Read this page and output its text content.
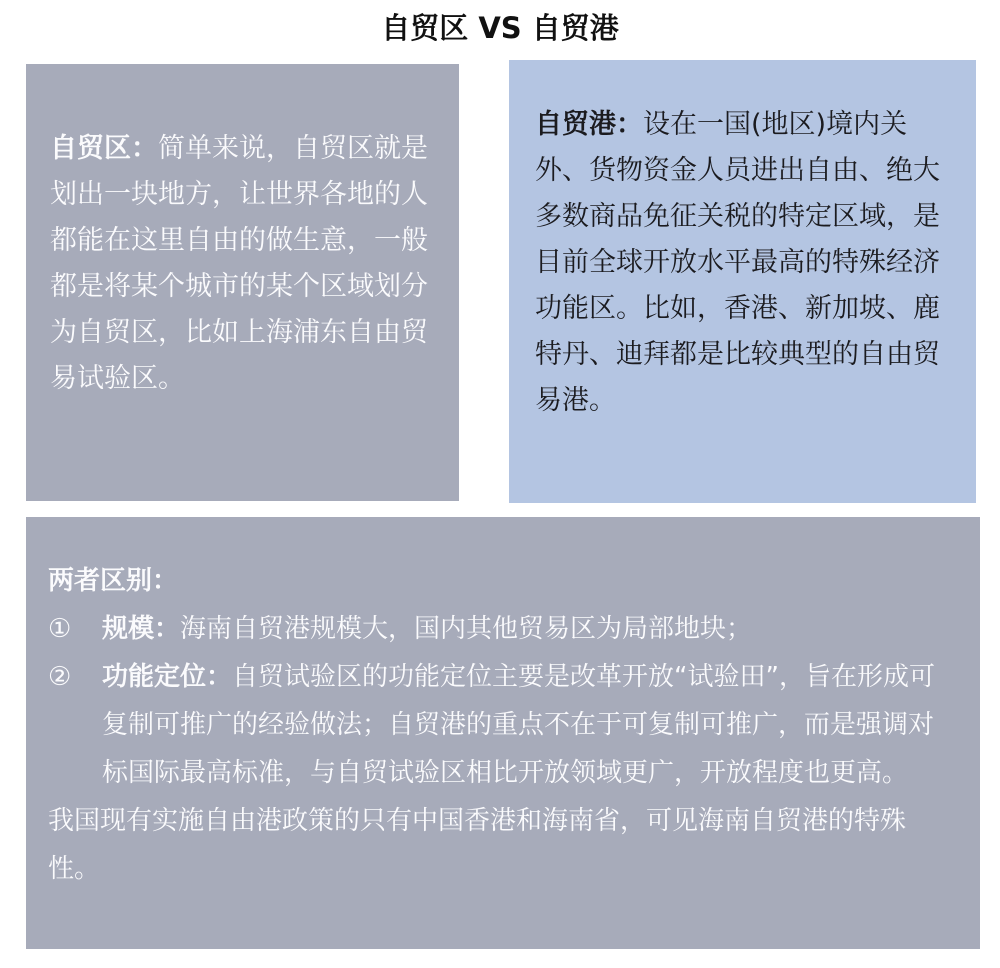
自贸区 VS 自贸港
自贸区：简单来说，自贸区就是划出一块地方，让世界各地的人都能在这里自由的做生意，一般都是将某个城市的某个区域划分为自贸区，比如上海浦东自由贸易试验区。
自贸港：设在一国(地区)境内关外、货物资金人员进出自由、绝大多数商品免征关税的特定区域，是目前全球开放水平最高的特殊经济功能区。比如，香港、新加坡、鹿特丹、迪拜都是比较典型的自由贸易港。
两者区别：
①	规模：海南自贸港规模大，国内其他贸易区为局部地块；
②	功能定位：自贸试验区的功能定位主要是改革开放“试验田”，旨在形成可复制可推广的经验做法；自贸港的重点不在于可复制可推广，而是强调对标国际最高标准，与自贸试验区相比开放领域更广，开放程度也更高。
我国现有实施自由港政策的只有中国香港和海南省，可见海南自贸港的特殊性。
